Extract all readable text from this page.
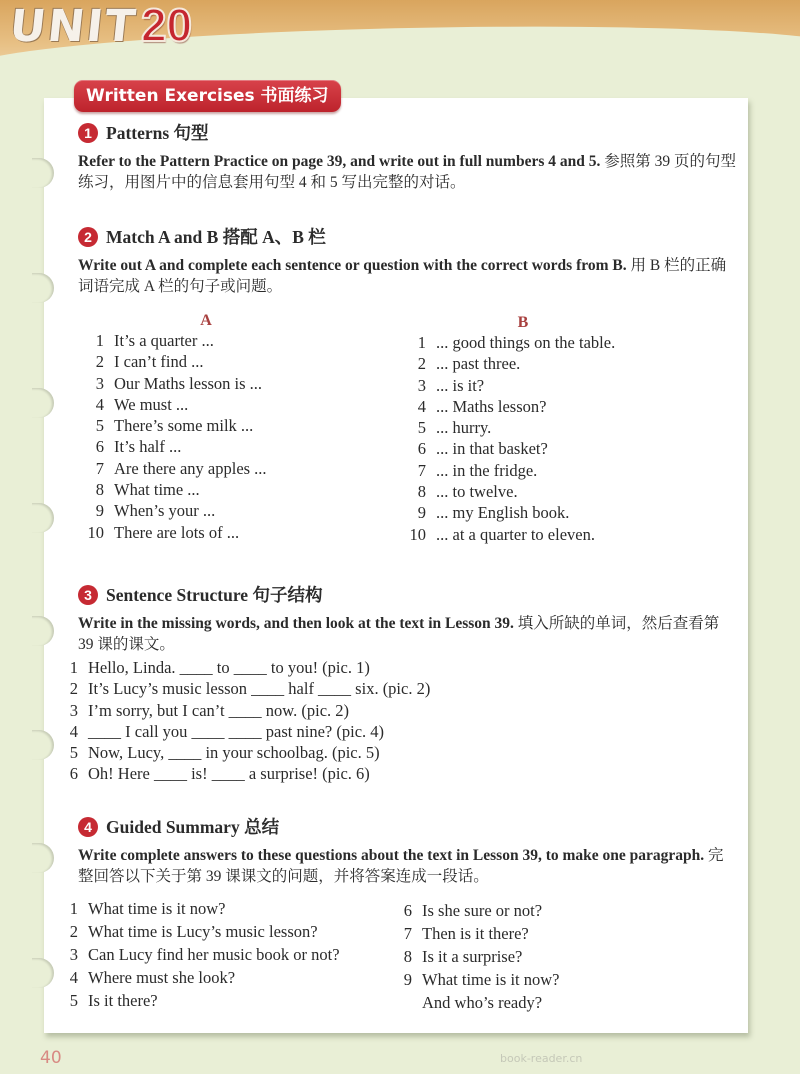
UNIT 20
Written Exercises 书面练习
1 Patterns 句型
Refer to the Pattern Practice on page 39, and write out in full numbers 4 and 5. 参照第 39 页的句型练习，用图片中的信息套用句型 4 和 5 写出完整的对话。
2 Match A and B 搭配 A、B 栏
Write out A and complete each sentence or question with the correct words from B. 用 B 栏的正确词语完成 A 栏的句子或问题。
A
1 It’s a quarter ...
2 I can’t find ...
3 Our Maths lesson is ...
4 We must ...
5 There’s some milk ...
6 It’s half ...
7 Are there any apples ...
8 What time ...
9 When’s your ...
10 There are lots of ...
B
1 ... good things on the table.
2 ... past three.
3 ... is it?
4 ... Maths lesson?
5 ... hurry.
6 ... in that basket?
7 ... in the fridge.
8 ... to twelve.
9 ... my English book.
10 ... at a quarter to eleven.
3 Sentence Structure 句子结构
Write in the missing words, and then look at the text in Lesson 39. 填入所缺的单词，然后查看第 39 课的课文。
1 Hello, Linda. ____ to ____ to you! (pic. 1)
2 It’s Lucy’s music lesson ____ half ____ six. (pic. 2)
3 I’m sorry, but I can’t ____ now. (pic. 2)
4 ____ I call you ____ ____ past nine? (pic. 4)
5 Now, Lucy, ____ in your schoolbag. (pic. 5)
6 Oh! Here ____ is! ____ a surprise! (pic. 6)
4 Guided Summary 总结
Write complete answers to these questions about the text in Lesson 39, to make one paragraph. 完整回答以下关于第 39 课课文的问题，并将答案连成一段话。
1 What time is it now?
2 What time is Lucy’s music lesson?
3 Can Lucy find her music book or not?
4 Where must she look?
5 Is it there?
6 Is she sure or not?
7 Then is it there?
8 Is it a surprise?
9 What time is it now?
And who’s ready?
40	book-reader.cn
